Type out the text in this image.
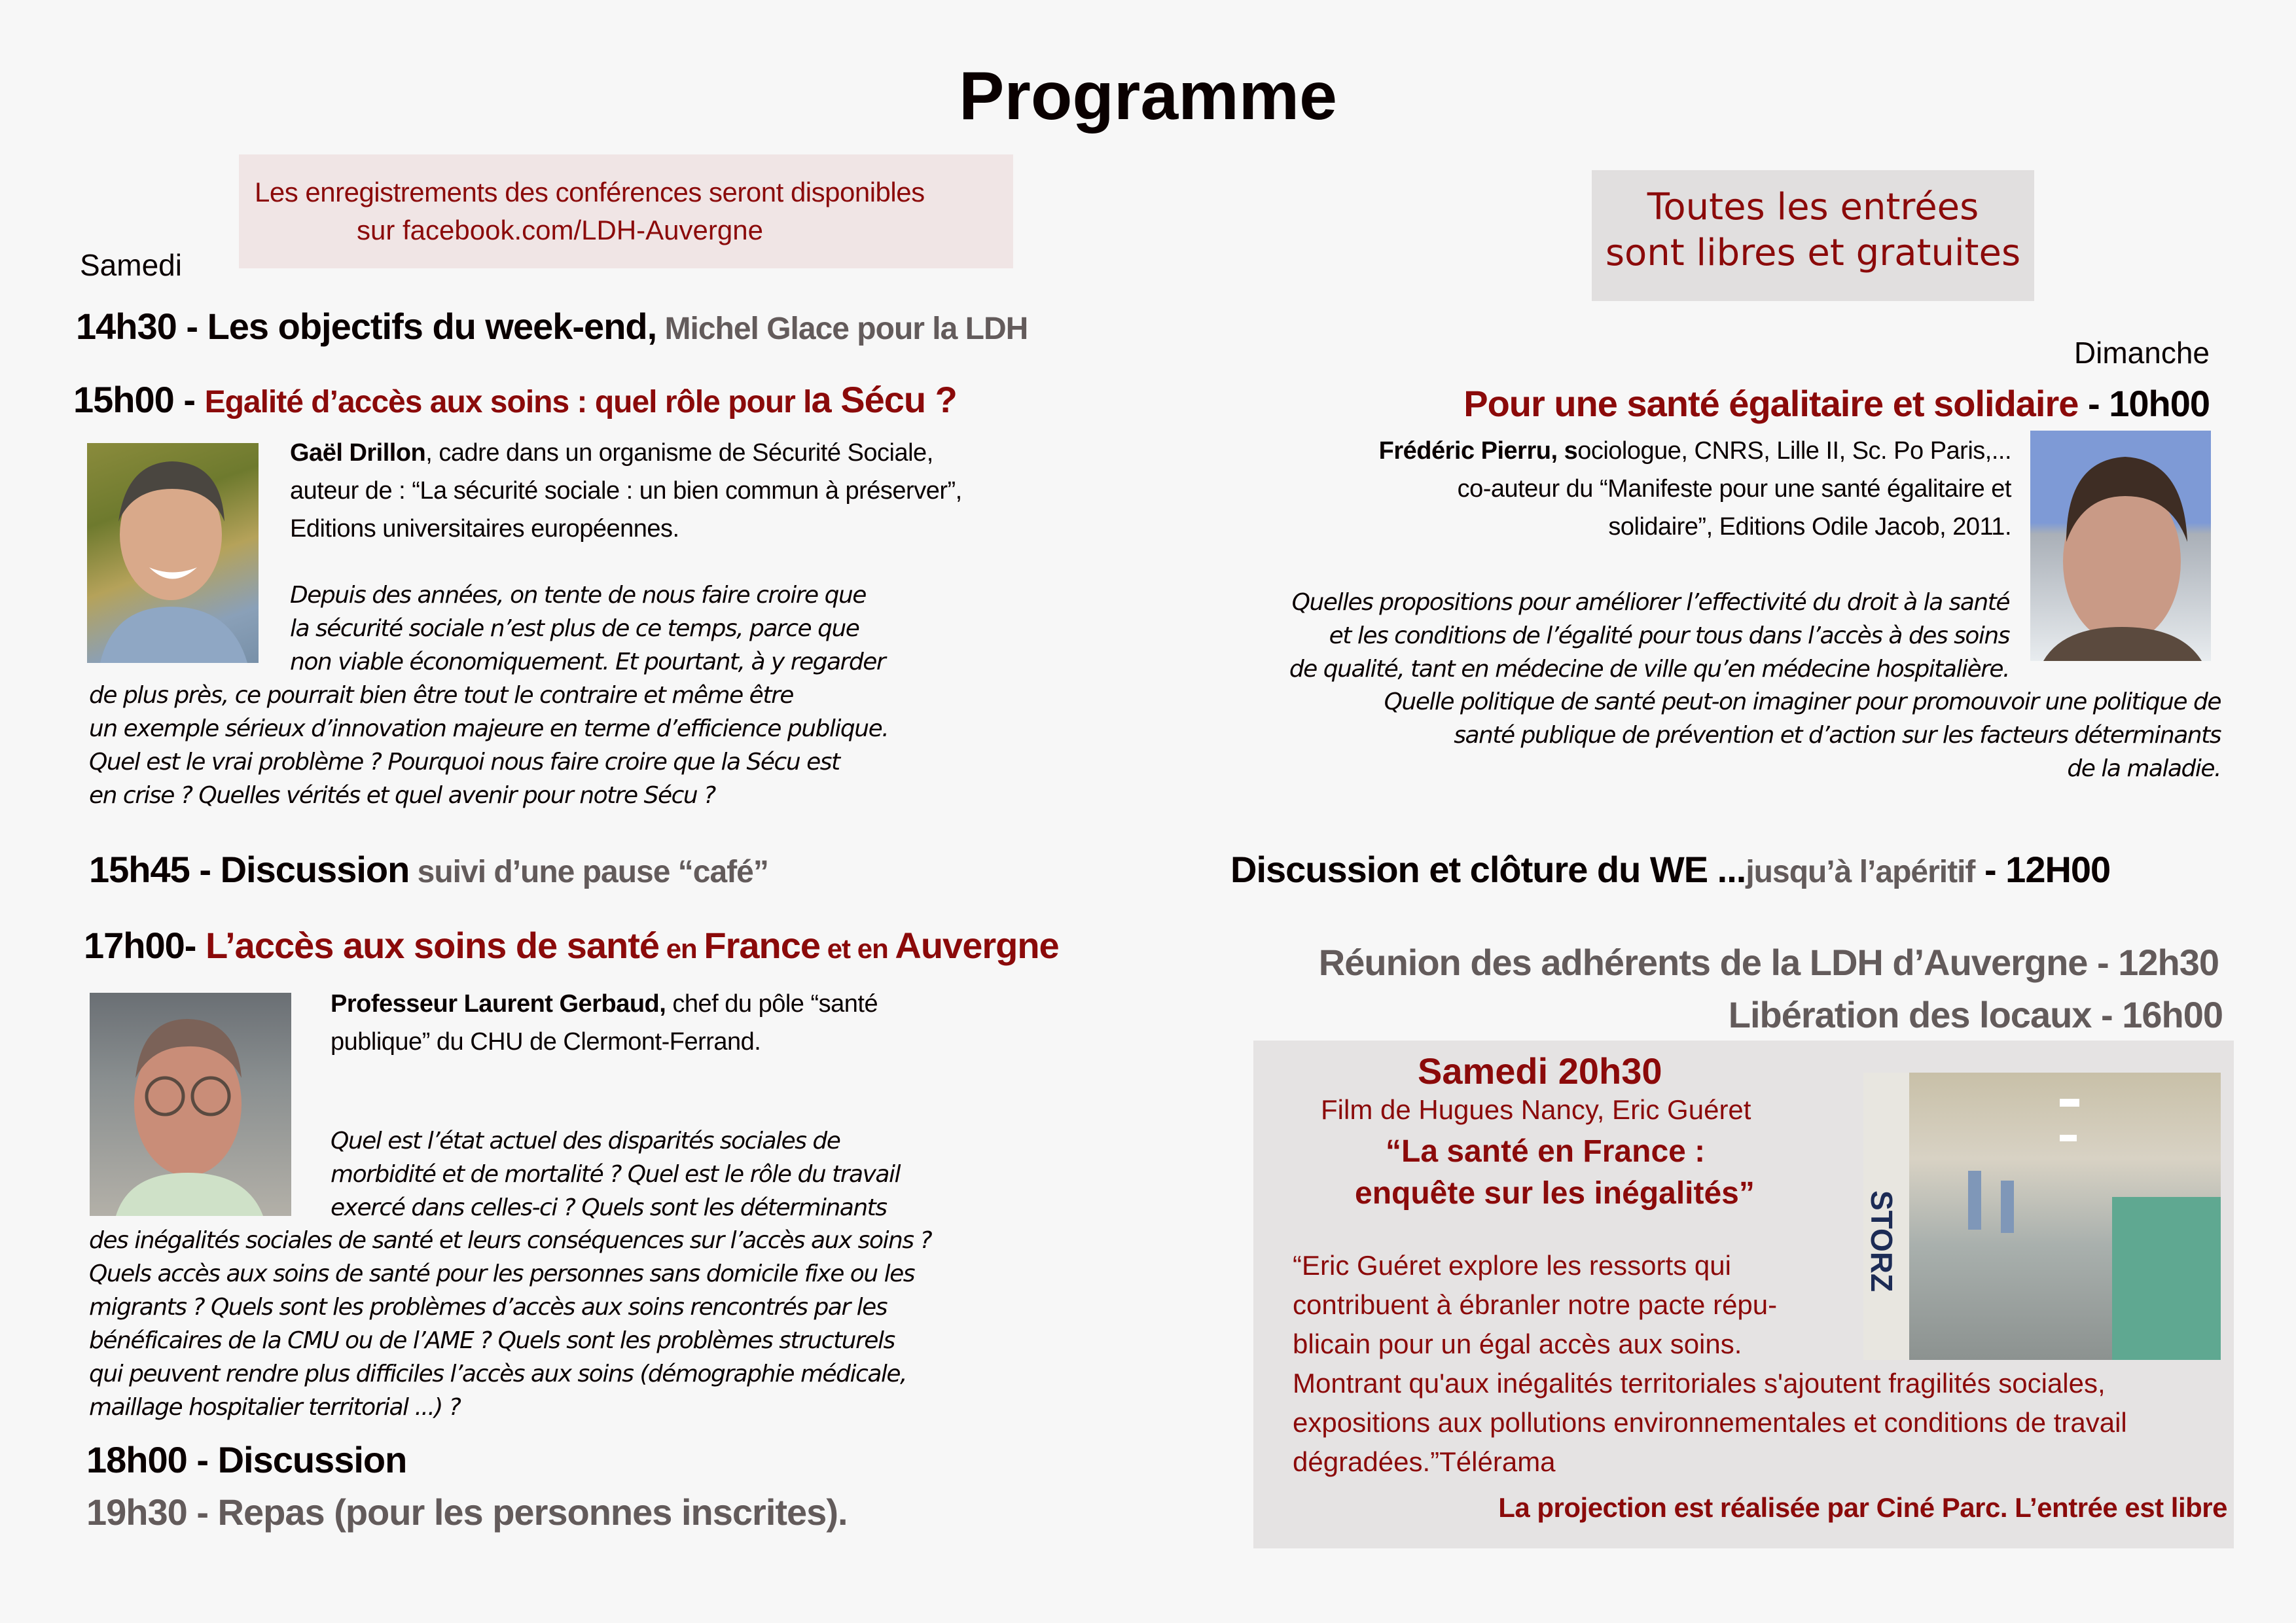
Programme
Les enregistrements des conférences seront disponibles
sur facebook.com/LDH-Auvergne
Toutes les entrées
sont libres et gratuites
Samedi
14h30 - Les objectifs du week-end, Michel Glace pour la LDH
15h00 - Egalité d’accès aux soins : quel rôle pour la Sécu ?
Gaël Drillon, cadre dans un organisme de Sécurité Sociale,
auteur de : “La sécurité sociale : un bien commun à préserver”,
Editions universitaires européennes.
Depuis des années, on tente de nous faire croire que
la sécurité sociale n’est plus de ce temps, parce que
non viable économiquement. Et pourtant, à y regarder
de plus près, ce pourrait bien être tout le contraire et même être
un exemple sérieux d’innovation majeure en terme d’efficience publique.
Quel est le vrai problème ? Pourquoi nous faire croire que la Sécu est
en crise ? Quelles vérités et quel avenir pour notre Sécu ?
15h45 - Discussion suivi d’une pause “café”
17h00- L’accès aux soins de santé en France et en Auvergne
Professeur Laurent Gerbaud, chef du pôle “santé
publique” du CHU de Clermont-Ferrand.
Quel est l’état actuel des disparités sociales de
morbidité et de mortalité ? Quel est le rôle du travail
exercé dans celles-ci ? Quels sont les déterminants
des inégalités sociales de santé et leurs conséquences sur l’accès aux soins ?
Quels accès aux soins de santé pour les personnes sans domicile fixe ou les
migrants ? Quels sont les problèmes d’accès aux soins rencontrés par les
bénéficaires de la CMU ou de l’AME ? Quels sont les problèmes structurels
qui peuvent rendre plus difficiles l’accès aux soins (démographie médicale,
maillage hospitalier territorial ...) ?
18h00 - Discussion
19h30 - Repas (pour les personnes inscrites).
Dimanche
Pour une santé égalitaire et solidaire - 10h00
Frédéric Pierru, sociologue, CNRS, Lille II, Sc. Po Paris,...
co-auteur du “Manifeste pour une santé égalitaire et
solidaire”, Editions Odile Jacob, 2011.
Quelles propositions pour améliorer l’effectivité du droit à la santé
et les conditions de l’égalité pour tous dans l’accès à des soins
de qualité, tant en médecine de ville qu’en médecine hospitalière.
Quelle politique de santé peut-on imaginer pour promouvoir une politique de
santé publique de prévention et d’action sur les facteurs déterminants
de la maladie.
Discussion et clôture du WE ...jusqu’à l’apéritif - 12H00
Réunion des adhérents de la LDH d’Auvergne - 12h30
Libération des locaux - 16h00
Samedi 20h30
Film de Hugues Nancy, Eric Guéret
“La santé en France :
enquête sur les inégalités”	STORZ
“Eric Guéret explore les ressorts qui
contribuent à ébranler notre pacte répu-
blicain pour un égal accès aux soins.
Montrant qu'aux inégalités territoriales s'ajoutent fragilités sociales,
expositions aux pollutions environnementales et conditions de travail
dégradées.”Télérama
La projection est réalisée par Ciné Parc. L’entrée est libre
